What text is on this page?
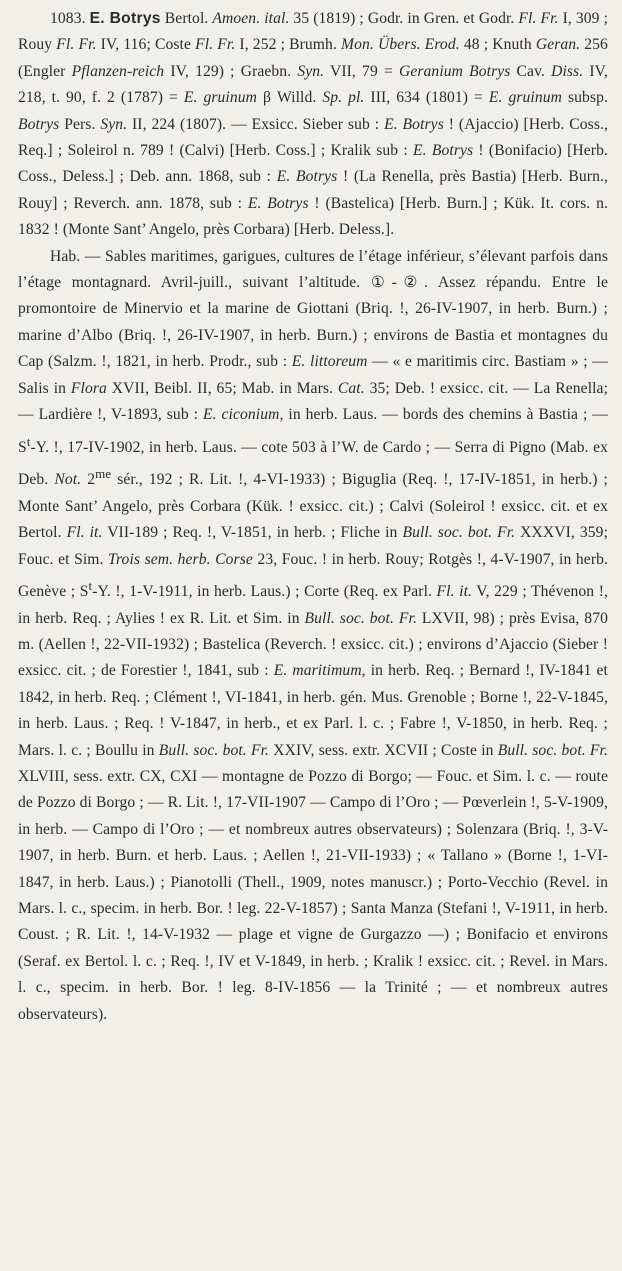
1083. E. Botrys Bertol. Amoen. ital. 35 (1819) ; Godr. in Gren. et Godr. Fl. Fr. I, 309 ; Rouy Fl. Fr. IV, 116; Coste Fl. Fr. I, 252 ; Brumh. Mon. Übers. Erod. 48 ; Knuth Geran. 256 (Engler Pflanzen-reich IV, 129) ; Graebn. Syn. VII, 79 = Geranium Botrys Cav. Diss. IV, 218, t. 90, f. 2 (1787) = E. gruinum β Willd. Sp. pl. III, 634 (1801) = E. gruinum subsp. Botrys Pers. Syn. II, 224 (1807). — Exsicc. Sieber sub : E. Botrys ! (Ajaccio) [Herb. Coss., Req.] ; Soleirol n. 789 ! (Calvi) [Herb. Coss.] ; Kralik sub : E. Botrys ! (Bonifacio) [Herb. Coss., Deless.] ; Deb. ann. 1868, sub : E. Botrys ! (La Renella, près Bastia) [Herb. Burn., Rouy] ; Reverch. ann. 1878, sub : E. Botrys ! (Bastelica) [Herb. Burn.] ; Kük. It. cors. n. 1832 ! (Monte Sant’ Angelo, près Corbara) [Herb. Deless.].

Hab. — Sables maritimes, garigues, cultures de l’étage inférieur, s’élevant parfois dans l’étage montagnard. Avril-juill., suivant l’altitude. ①-②. Assez répandu. Entre le promontoire de Minervio et la marine de Giottani (Briq. !, 26-IV-1907, in herb. Burn.) ; marine d’Albo (Briq. !, 26-IV-1907, in herb. Burn.) ; environs de Bastia et montagnes du Cap (Salzm. !, 1821, in herb. Prodr., sub : E. littoreum — « e maritimis circ. Bastiam » ; — Salis in Flora XVII, Beibl. II, 65; Mab. in Mars. Cat. 35; Deb. ! exsicc. cit. — La Renella; — Lardière !, V-1893, sub : E. ciconium, in herb. Laus. — bords des chemins à Bastia ; — $S^t-Y$. !, 17-IV-1902, in herb. Laus. — cote 503 à l’W. de Cardo ; — Serra di Pigno (Mab. ex Deb. Not. $2^{me}$ sér., 192 ; R. Lit. !, 4-VI-1933) ; Biguglia (Req. !, 17-IV-1851, in herb.) ; Monte Sant’ Angelo, près Corbara (Kük. ! exsicc. cit.) ; Calvi (Soleirol ! exsicc. cit. et ex Bertol. Fl. it. VII-189 ; Req. !, V-1851, in herb. ; Fliche in Bull. soc. bot. Fr. XXXVI, 359; Fouc. et Sim. Trois sem. herb. Corse 23, Fouc. ! in herb. Rouy; Rotgès !, 4-V-1907, in herb. Genève ; $S^t-Y$. !, 1-V-1911, in herb. Laus.) ; Corte (Req. ex Parl. Fl. it. V, 229 ; Thévenon !, in herb. Req. ; Aylies ! ex R. Lit. et Sim. in Bull. soc. bot. Fr. LXVII, 98) ; près Evisa, 870 m. (Aellen !, 22-VII-1932) ; Bastelica (Reverch. ! exsicc. cit.) ; environs d’Ajaccio (Sieber ! exsicc. cit. ; de Forestier !, 1841, sub : E. maritimum, in herb. Req. ; Bernard !, IV-1841 et 1842, in herb. Req. ; Clément !, VI-1841, in herb. gén. Mus. Grenoble ; Borne !, 22-V-1845, in herb. Laus. ; Req. ! V-1847, in herb., et ex Parl. l. c. ; Fabre !, V-1850, in herb. Req. ; Mars. l. c. ; Boullu in Bull. soc. bot. Fr. XXIV, sess. extr. XCVII ; Coste in Bull. soc. bot. Fr. XLVIII, sess. extr. CX, CXI — montagne de Pozzo di Borgo; — Fouc. et Sim. l. c. — route de Pozzo di Borgo ; — R. Lit. !, 17-VII-1907 — Campo di l’Oro ; — Pœverlein !, 5-V-1909, in herb. — Campo di l’Oro ; — et nombreux autres observateurs) ; Solenzara (Briq. !, 3-V-1907, in herb. Burn. et herb. Laus. ; Aellen !, 21-VII-1933) ; « Tallano » (Borne !, 1-VI-1847, in herb. Laus.) ; Pianotolli (Thell., 1909, notes manuscr.) ; Porto-Vecchio (Revel. in Mars. l. c., specim. in herb. Bor. ! leg. 22-V-1857) ; Santa Manza (Stefani !, V-1911, in herb. Coust. ; R. Lit. !, 14-V-1932 — plage et vigne de Gurgazzo —) ; Bonifacio et environs (Seraf. ex Bertol. l. c. ; Req. !, IV et V-1849, in herb. ; Kralik ! exsicc. cit. ; Revel. in Mars. l. c., specim. in herb. Bor. ! leg. 8-IV-1856 — la Trinité ; — et nombreux autres observateurs).
